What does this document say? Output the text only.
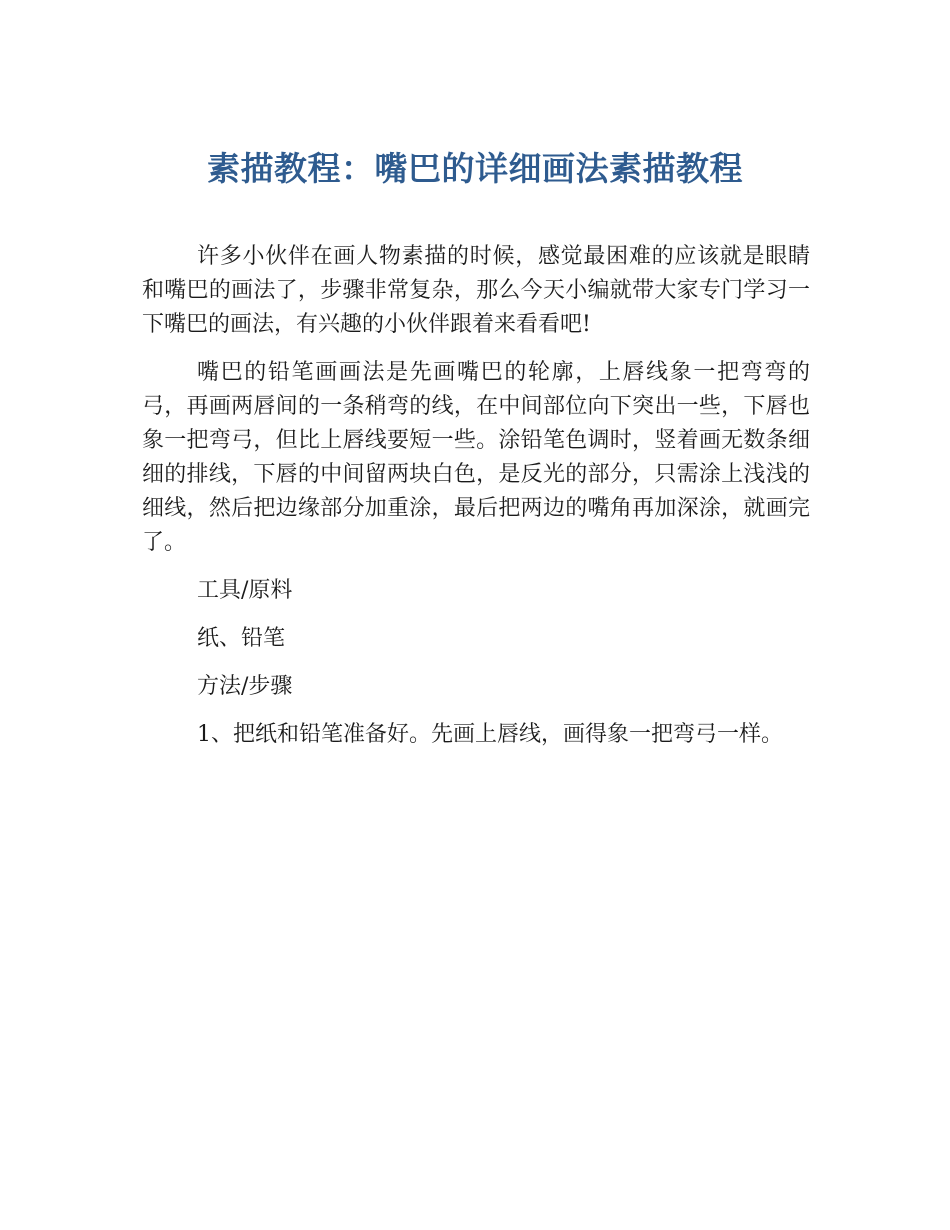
素描教程：嘴巴的详细画法素描教程

许多小伙伴在画人物素描的时候，感觉最困难的应该就是眼睛和嘴巴的画法了，步骤非常复杂，那么今天小编就带大家专门学习一下嘴巴的画法，有兴趣的小伙伴跟着来看看吧!

嘴巴的铅笔画画法是先画嘴巴的轮廓，上唇线象一把弯弯的弓，再画两唇间的一条稍弯的线，在中间部位向下突出一些，下唇也象一把弯弓，但比上唇线要短一些。涂铅笔色调时，竖着画无数条细细的排线，下唇的中间留两块白色，是反光的部分，只需涂上浅浅的细线，然后把边缘部分加重涂，最后把两边的嘴角再加深涂，就画完了。

工具/原料

纸、铅笔

方法/步骤

1、把纸和铅笔准备好。先画上唇线，画得象一把弯弓一样。
